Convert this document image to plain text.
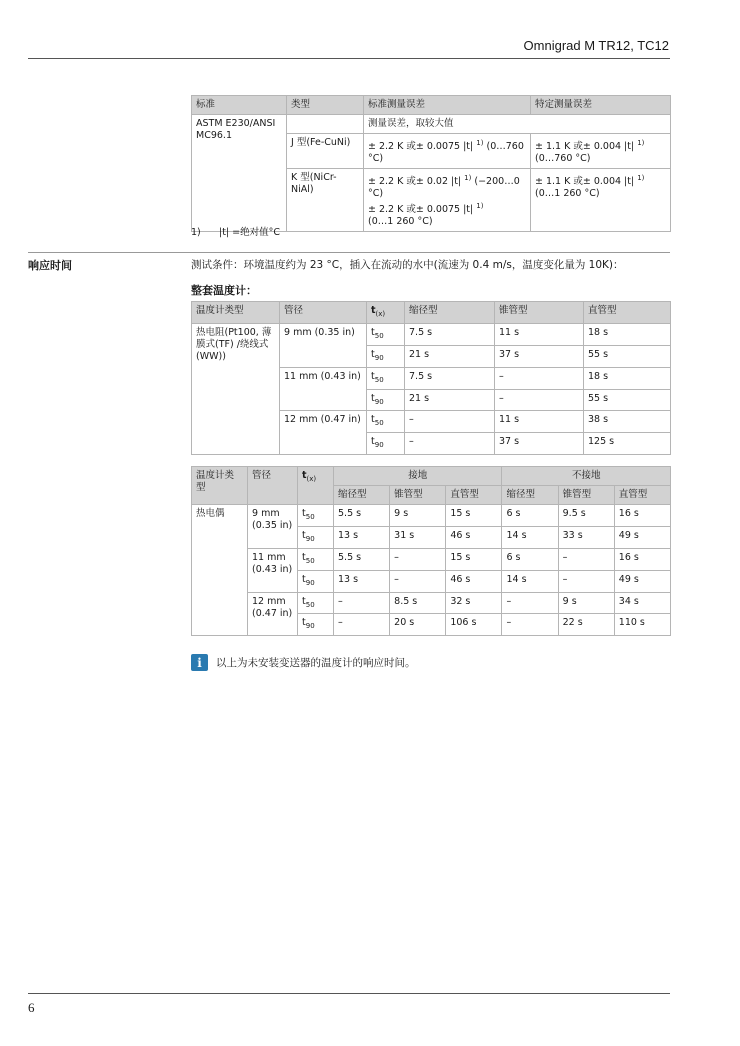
Omnigrad M TR12, TC12
标准	类型	标准测量误差	特定测量误差
ASTM E230/ANSI MC96.1		测量误差，取较大值	
	J 型(Fe-CuNi)	± 2.2 K 或± 0.0075 |t| $^{1)}$ (0…760 °C)	± 1.1 K 或± 0.004 |t| $^{1)}$
(0…760 °C)
	K 型(NiCr-NiAl)	± 2.2 K 或± 0.02 |t| $^{1)}$ (−200…0 °C)
± 2.2 K 或± 0.0075 |t| $^{1)}$
(0…1 260 °C)	± 1.1 K 或± 0.004 |t| $^{1)}$
(0…1 260 °C)
1) |t| =绝对值°C
响应时间	测试条件：环境温度约为 23 °C，插入在流动的水中(流速为 0.4 m/s，温度变化量为 10K)：
整套温度计：
温度计类型	管径	$t_{(x)}$	缩径型	锥管型	直管型
热电阻(Pt100, 薄膜式(TF) /绕线式(WW))	9 mm (0.35 in)	$t_{50}$	7.5 s	11 s	18 s
		$t_{90}$	21 s	37 s	55 s
	11 mm (0.43 in)	$t_{50}$	7.5 s	–	18 s
		$t_{90}$	21 s	–	55 s
	12 mm (0.47 in)	$t_{50}$	–	11 s	38 s
		$t_{90}$	–	37 s	125 s
温度计类型	管径	$t_{(x)}$	接地			不接地		
			缩径型	锥管型	直管型	缩径型	锥管型	直管型
热电偶	9 mm (0.35 in)	$t_{50}$	5.5 s	9 s	15 s	6 s	9.5 s	16 s
		$t_{90}$	13 s	31 s	46 s	14 s	33 s	49 s
	11 mm (0.43 in)	$t_{50}$	5.5 s	–	15 s	6 s	–	16 s
		$t_{90}$	13 s	–	46 s	14 s	–	49 s
	12 mm (0.47 in)	$t_{50}$	–	8.5 s	32 s	–	9 s	34 s
		$t_{90}$	–	20 s	106 s	–	22 s	110 s
i	以上为未安装变送器的温度计的响应时间。
6
